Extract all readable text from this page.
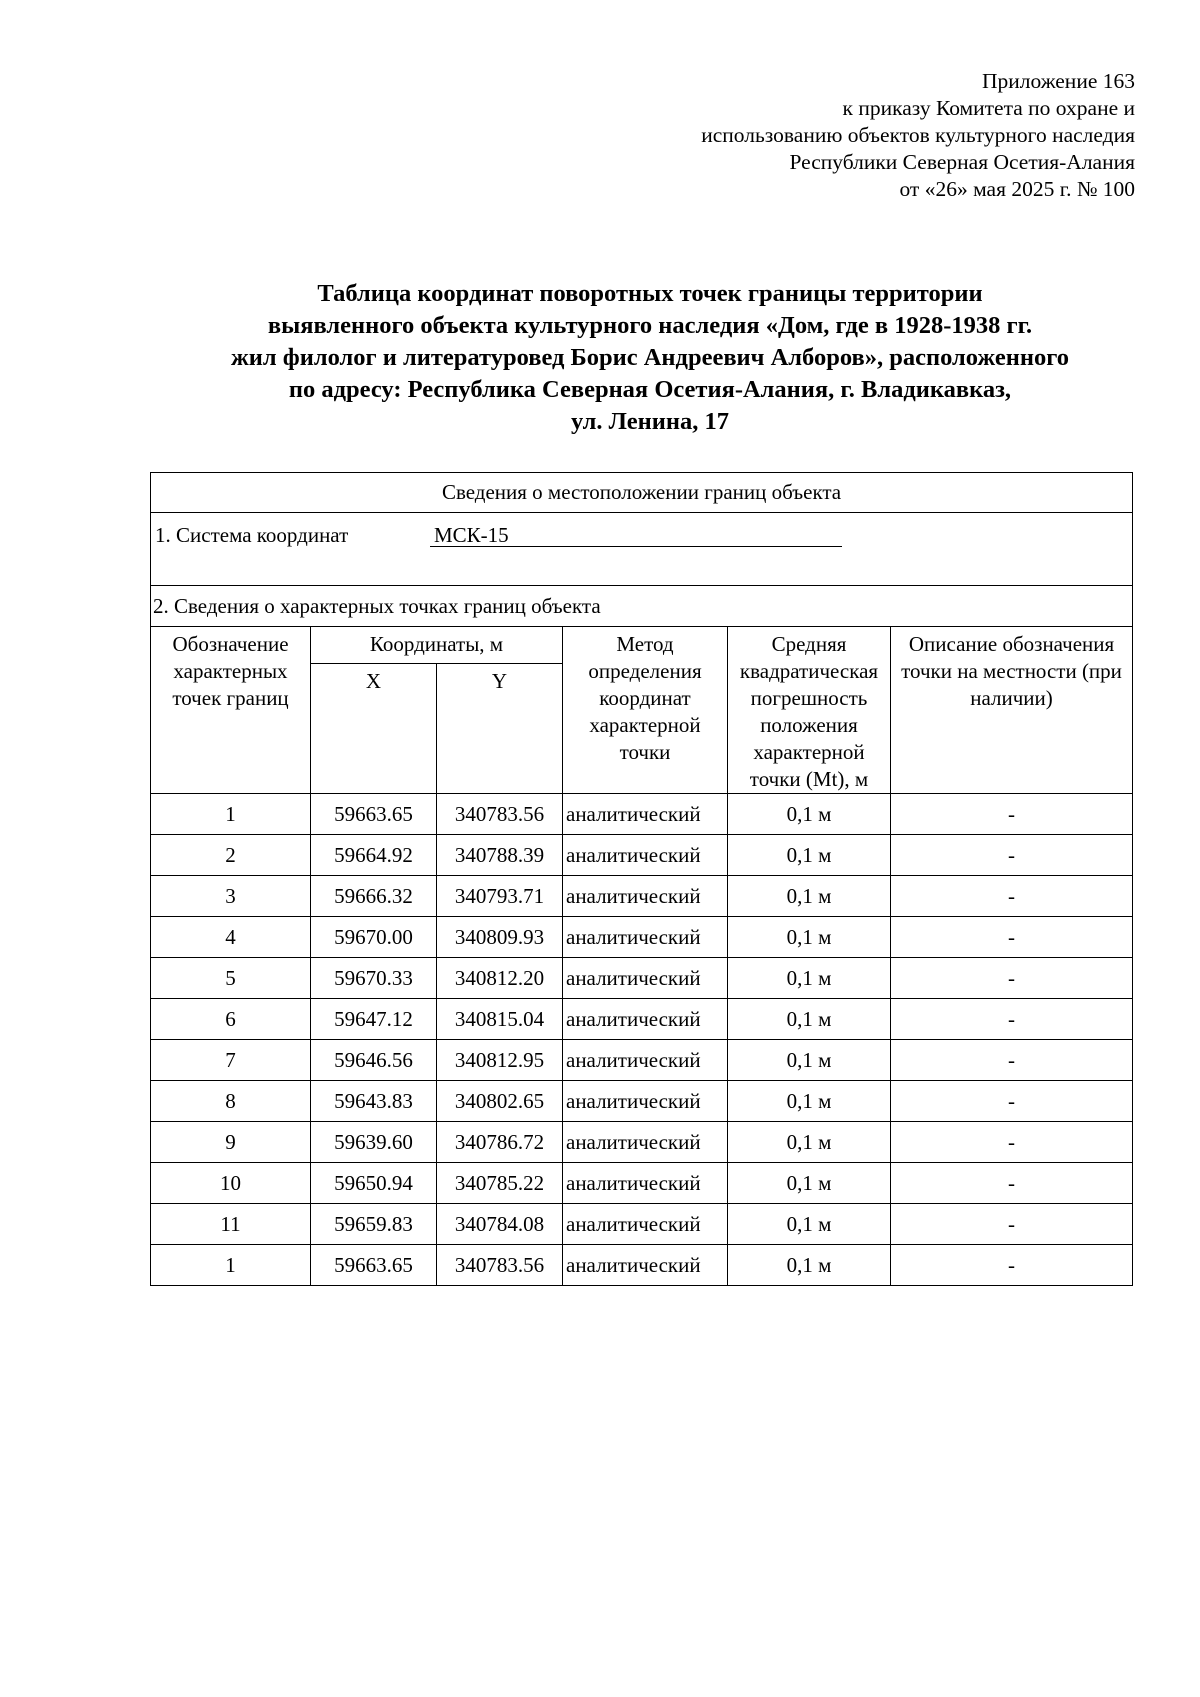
Приложение 163
к приказу Комитета по охране и
использованию объектов культурного наследия
Республики Северная Осетия-Алания
от «26» мая 2025 г. № 100
Таблица координат поворотных точек границы территории
выявленного объекта культурного наследия «Дом, где в 1928-1938 гг.
жил филолог и литературовед Борис Андреевич Алборов», расположенного
по адресу: Республика Северная Осетия-Алания, г. Владикавказ,
ул. Ленина, 17
Сведения о местоположении границ объекта					
1. Система координат МСК-15					
2. Сведения о характерных точках границ объекта					
Обозначение характерных точек границ	Координаты, м		Метод определения координат характерной точки	Средняя квадратическая погрешность положения характерной точки (Mt), м	Описание обозначения точки на местности (при наличии)
	X	Y			
1	59663.65	340783.56	аналитический	0,1 м	-
2	59664.92	340788.39	аналитический	0,1 м	-
3	59666.32	340793.71	аналитический	0,1 м	-
4	59670.00	340809.93	аналитический	0,1 м	-
5	59670.33	340812.20	аналитический	0,1 м	-
6	59647.12	340815.04	аналитический	0,1 м	-
7	59646.56	340812.95	аналитический	0,1 м	-
8	59643.83	340802.65	аналитический	0,1 м	-
9	59639.60	340786.72	аналитический	0,1 м	-
10	59650.94	340785.22	аналитический	0,1 м	-
11	59659.83	340784.08	аналитический	0,1 м	-
1	59663.65	340783.56	аналитический	0,1 м	-
